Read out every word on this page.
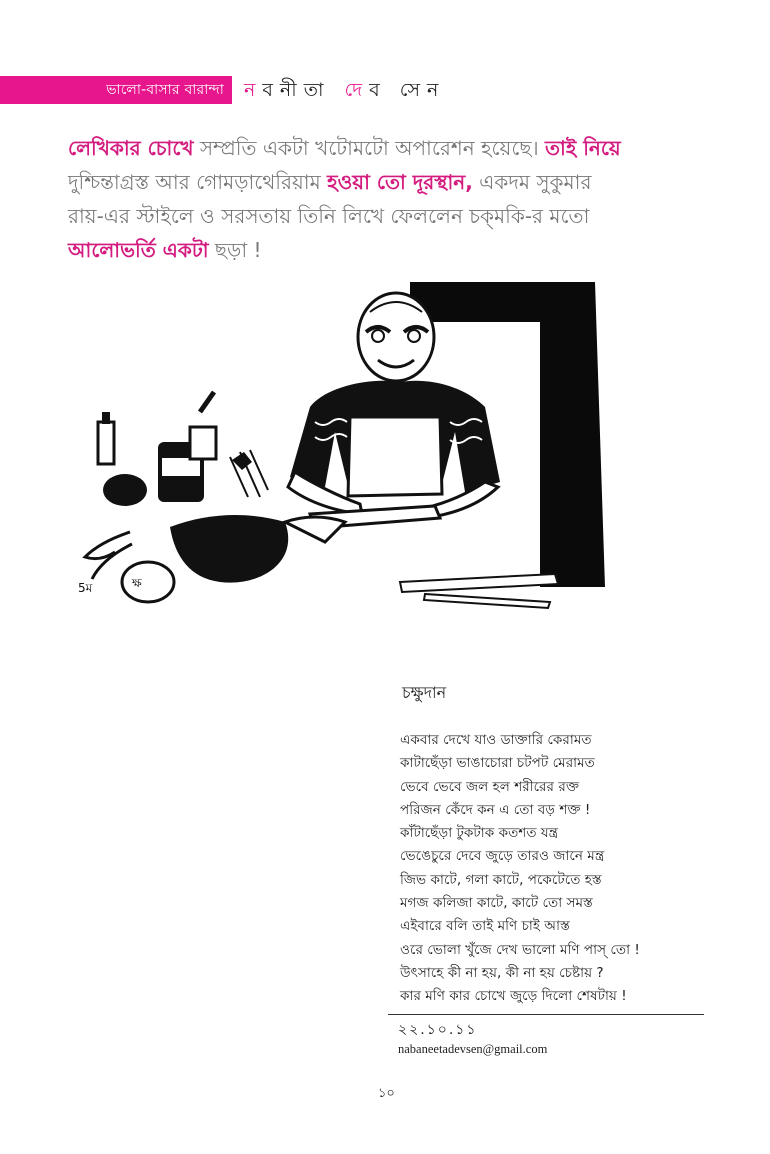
ভালো-বাসার বারান্দা নবনীতা দেব সেন
লেখিকার চোখে সম্প্রতি একটা খটোমটো অপারেশন হয়েছে। তাই নিয়ে দুশ্চিন্তাগ্রস্ত আর গোমড়াথেরিয়াম হওয়া তো দূরস্থান, একদম সুকুমার রায়-এর স্টাইলে ও সরসতায় তিনি লিখে ফেললেন চক্‌মকি-র মতো আলোভর্তি একটা ছড়া !
ক্ষ
5ম
চক্ষুদান
একবার দেখে যাও ডাক্তারি কেরামত
কাটাছেঁড়া ভাঙাচোরা চটপট মেরামত
ভেবে ভেবে জল হল শরীরের রক্ত
পরিজন কেঁদে কন এ তো বড় শক্ত !
কাঁটাছেঁড়া টুকটাক কতশত যন্ত্র
ভেঙেচুরে দেবে জুড়ে তারও জানে মন্ত্র
জিভ কাটে, গলা কাটে, পকেটেতে হস্ত
মগজ কলিজা কাটে, কাটে তো সমস্ত
এইবারে বলি তাই মণি চাই আস্ত
ওরে ভোলা খুঁজে দেখ ভালো মণি পাস্ তো !
উৎসাহে কী না হয়, কী না হয় চেষ্টায় ?
কার মণি কার চোখে জুড়ে দিলো শেষটায় !
২২.১০.১১
nabaneetadevsen@gmail.com
১০
